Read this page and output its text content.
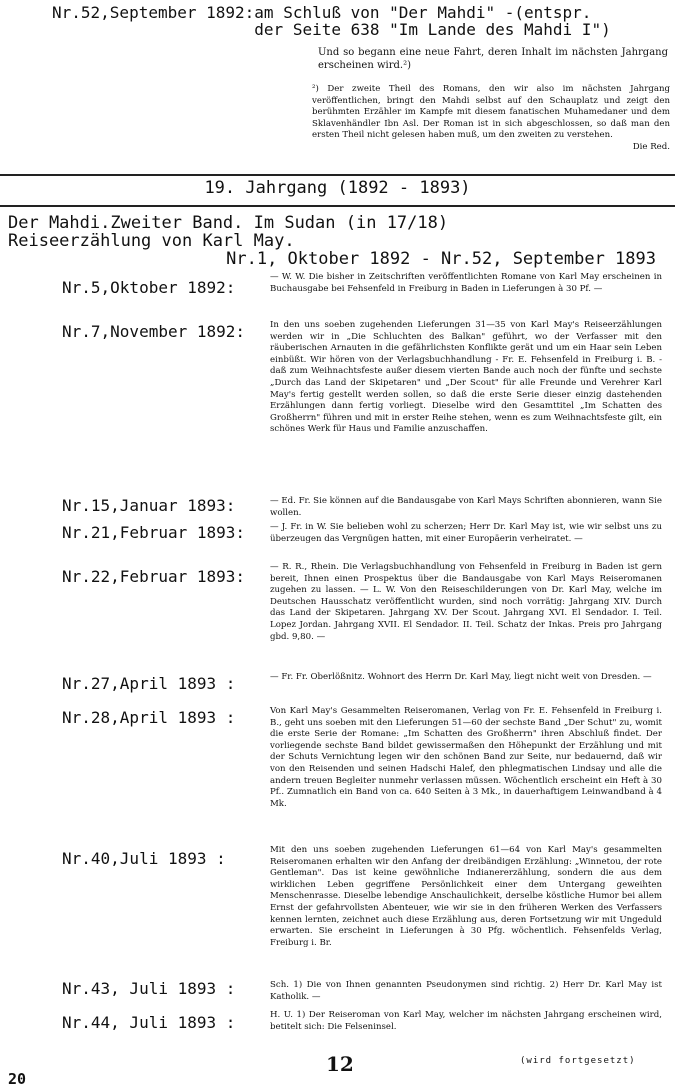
Nr.52,September 1892:am Schluß von "Der Mahdi" -(entspr.
der Seite 638 "Im Lande des Mahdi I")
Und so begann eine neue Fahrt, deren Inhalt im nächsten Jahrgang erscheinen wird.²)

²) Der zweite Theil des Romans, den wir also im nächsten Jahrgang veröffentlichen, bringt den Mahdi selbst auf den Schauplatz und zeigt den berühmten Erzähler im Kampfe mit diesem fanatischen Muhamedaner und dem Sklavenhändler Ibn Asl. Der Roman ist in sich abgeschlossen, so daß man den ersten Theil nicht gelesen haben muß, um den zweiten zu verstehen.

Die Red.

19. Jahrgang (1892 - 1893)
Der Mahdi.Zweiter Band. Im Sudan (in 17/18)
Reiseerzählung von Karl May.
Nr.1, Oktober 1892 - Nr.52, September 1893
Nr.5,Oktober 1892:
— W. W. Die bisher in Zeitschriften veröffentlichten Romane von Karl May erscheinen in Buchausgabe bei Fehsenfeld in Freiburg in Baden in Lieferungen à 30 Pf. —
Nr.7,November 1892:	In den uns soeben zugehenden Lieferungen 31—35 von Karl May's Reiseerzählungen werden wir in „Die Schluchten des Balkan" geführt, wo der Verfasser mit den räuberischen Arnauten in die gefährlichsten Konflikte gerät und um ein Haar sein Leben einbüßt. Wir hören von der Verlagsbuchhandlung - Fr. E. Fehsenfeld in Freiburg i. B. - daß zum Weihnachtsfeste außer diesem vierten Bande auch noch der fünfte und sechste „Durch das Land der Skipetaren" und „Der Scout" für alle Freunde und Verehrer Karl May's fertig gestellt werden sollen, so daß die erste Serie dieser einzig dastehenden Erzählungen dann fertig vorliegt. Dieselbe wird den Gesamttitel „Im Schatten des Großherrn" führen und mit in erster Reihe stehen, wenn es zum Weihnachtsfeste gilt, ein schönes Werk für Haus und Familie anzuschaffen.
Nr.15,Januar 1893:	— Ed. Fr. Sie können auf die Bandausgabe von Karl Mays Schriften abonnieren, wann Sie wollen.
Nr.21,Februar 1893:	— J. Fr. in W. Sie belieben wohl zu scherzen; Herr Dr. Karl May ist, wie wir selbst uns zu überzeugen das Vergnügen hatten, mit einer Europäerin verheiratet. —
Nr.22,Februar 1893:	— R. R., Rhein. Die Verlagsbuchhandlung von Fehsenfeld in Freiburg in Baden ist gern bereit, Ihnen einen Prospektus über die Bandausgabe von Karl Mays Reiseromanen zugehen zu lassen. — L. W. Von den Reiseschilderungen von Dr. Karl May, welche im Deutschen Hausschatz veröffentlicht wurden, sind noch vorrätig: Jahrgang XIV. Durch das Land der Skipetaren. Jahrgang XV. Der Scout. Jahrgang XVI. El Sendador. I. Teil. Lopez Jordan. Jahrgang XVII. El Sendador. II. Teil. Schatz der Inkas. Preis pro Jahrgang gbd. 9,80. —
Nr.27,April 1893 :	— Fr. Fr. Oberlößnitz. Wohnort des Herrn Dr. Karl May, liegt nicht weit von Dresden. —
Nr.28,April 1893 :	Von Karl May's Gesammelten Reiseromanen, Verlag von Fr. E. Fehsenfeld in Freiburg i. B., geht uns soeben mit den Lieferungen 51—60 der sechste Band „Der Schut" zu, womit die erste Serie der Romane: „Im Schatten des Großherrn" ihren Abschluß findet. Der vorliegende sechste Band bildet gewissermaßen den Höhepunkt der Erzählung und mit der Schuts Vernichtung legen wir den schönen Band zur Seite, nur bedauernd, daß wir von den Reisenden und seinen Hadschi Halef, den phlegmatischen Lindsay und alle die andern treuen Begleiter nunmehr verlassen müssen. Wöchentlich erscheint ein Heft à 30 Pf.. Zumnatlich ein Band von ca. 640 Seiten à 3 Mk., in dauerhaftigem Leinwandband à 4 Mk.
Nr.40,Juli 1893 :	Mit den uns soeben zugehenden Lieferungen 61—64 von Karl May's gesammelten Reiseromanen erhalten wir den Anfang der dreibändigen Erzählung: „Winnetou, der rote Gentleman". Das ist keine gewöhnliche Indianererzählung, sondern die aus dem wirklichen Leben gegriffene Persönlichkeit einer dem Untergang geweihten Menschenrasse. Dieselbe lebendige Anschaulichkeit, derselbe köstliche Humor bei allem Ernst der gefahrvollsten Abenteuer, wie wir sie in den früheren Werken des Verfassers kennen lernten, zeichnet auch diese Erzählung aus, deren Fortsetzung wir mit Ungeduld erwarten. Sie erscheint in Lieferungen à 30 Pfg. wöchentlich. Fehsenfelds Verlag, Freiburg i. Br.
Nr.43, Juli 1893 :	Sch. 1) Die von Ihnen genannten Pseudonymen sind richtig. 2) Herr Dr. Karl May ist Katholik. —
Nr.44, Juli 1893 :	H. U. 1) Der Reiseroman von Karl May, welcher im nächsten Jahrgang erscheinen wird, betitelt sich: Die Felseninsel.
12	(wird fortgesetzt)
20
